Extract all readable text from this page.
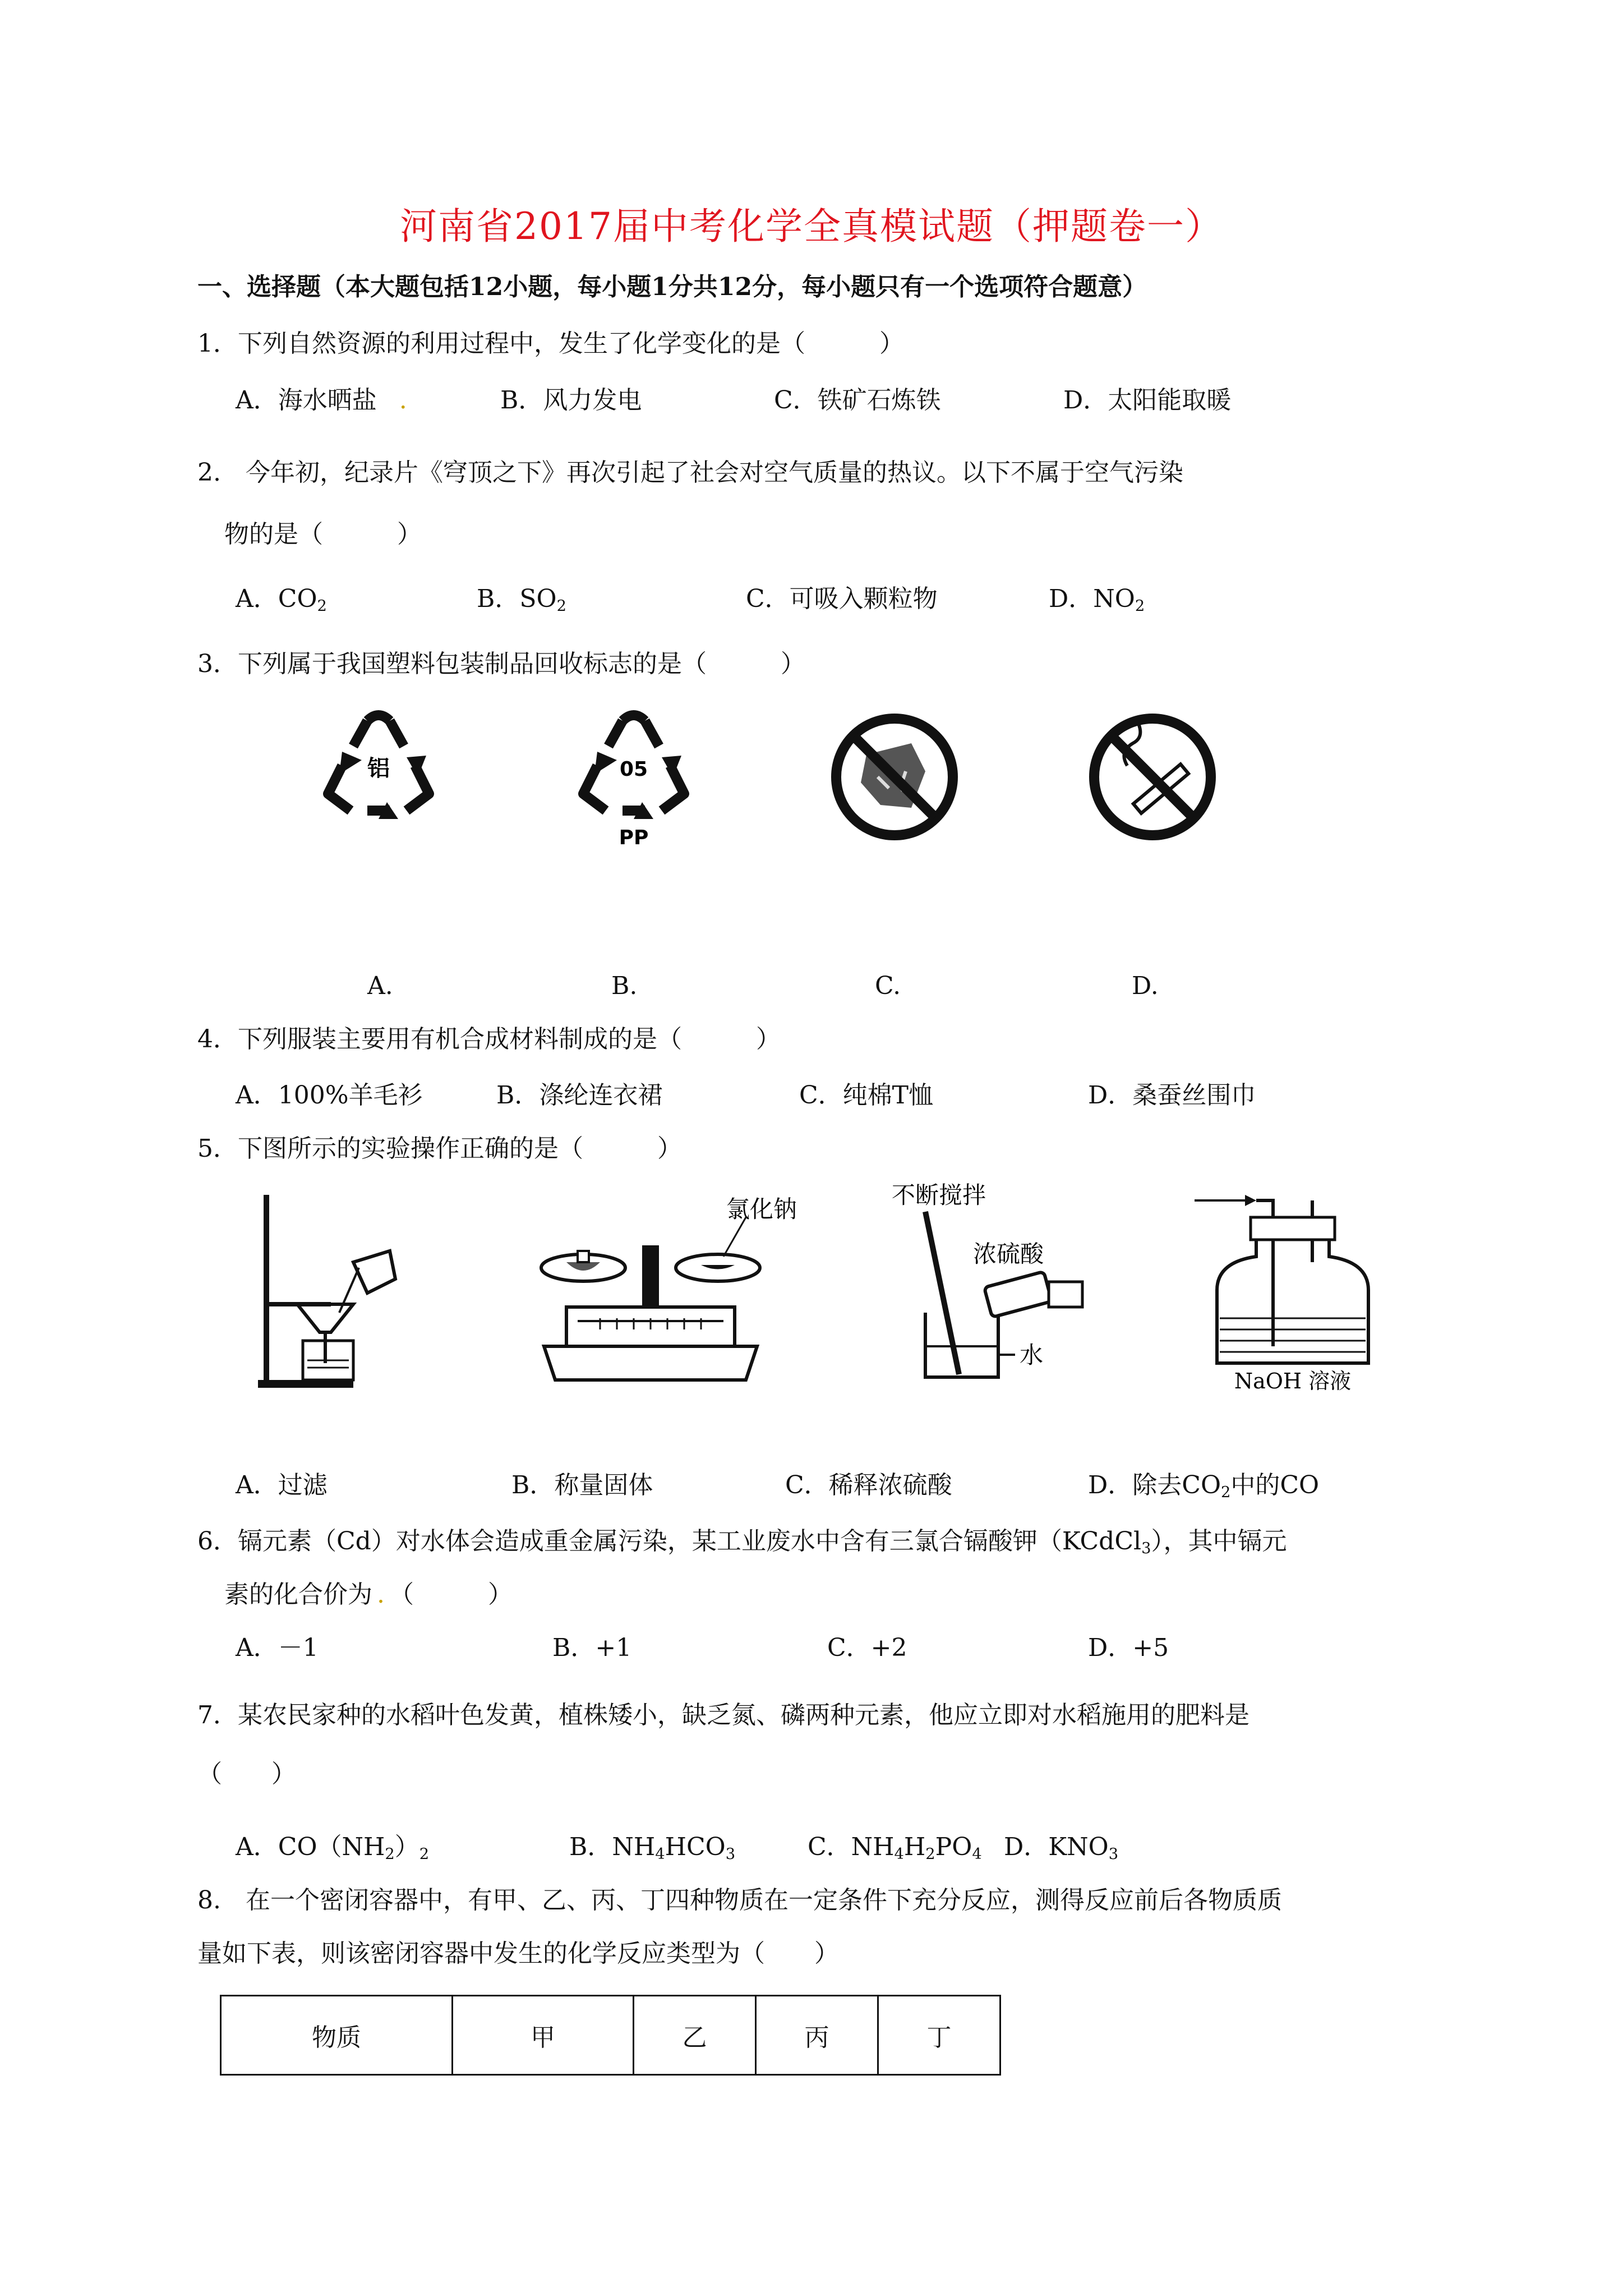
河南省2017届中考化学全真模试题（押题卷一）
一、选择题（本大题包括12小题，每小题1分共12分，每小题只有一个选项符合题意）
1．下列自然资源的利用过程中，发生了化学变化的是（　　　）
A．海水晒盐 .	B．风力发电	C．铁矿石炼铁	D．太阳能取暖
2.　今年初，纪录片《穹顶之下》再次引起了社会对空气质量的热议。以下不属于空气污染
物的是（　　　）
A．$CO_2$	B．$SO_2$	C．可吸入颗粒物	D．$NO_2$
3．下列属于我国塑料包装制品回收标志的是（　　　）
铝	05
PP
A.	B.	C.	D.
4．下列服装主要用有机合成材料制成的是（　　　）
A．100%羊毛衫	B．涤纶连衣裙	C．纯棉T恤	D．桑蚕丝围巾
5．下图所示的实验操作正确的是（　　　）
氯化钠
不断搅拌
浓硫酸
水
NaOH 溶液
A．过滤	B．称量固体	C．稀释浓硫酸	D．除去$CO_2$中的CO
6．镉元素（Cd）对水体会造成重金属污染，某工业废水中含有三氯合镉酸钾（KCdCl$_3$），其中镉元
素的化合价为 . （　　　）
A．－1	B．+1	C．+2	D．+5
7．某农民家种的水稻叶色发黄，植株矮小，缺乏氮、磷两种元素，他应立即对水稻施用的肥料是
（　　）
A．$CO(NH_2)_2$	B．$NH_4HCO_3$	C．$NH_4H_2PO_4$ D．$KNO_3$
8.　在一个密闭容器中，有甲、乙、丙、丁四种物质在一定条件下充分反应，测得反应前后各物质质
量如下表，则该密闭容器中发生的化学反应类型为（　　）
物质	甲	乙	丙	丁
